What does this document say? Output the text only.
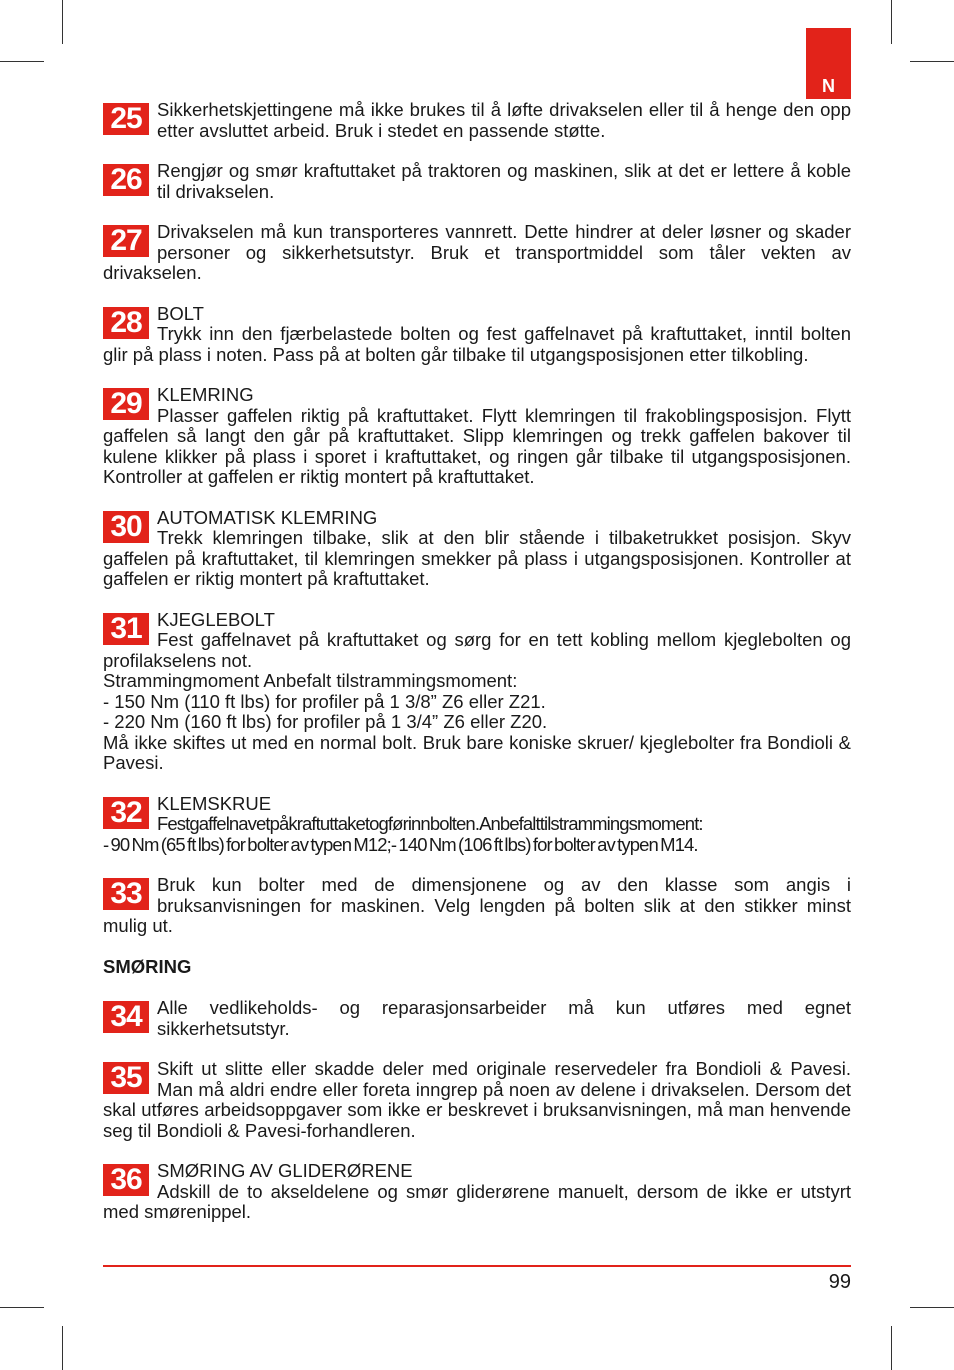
N
25 Sikkerhetskjettingene må ikke brukes til å løfte drivakselen eller til å henge den opp etter avsluttet arbeid. Bruk i stedet en passende støtte.
26 Rengjør og smør kraftuttaket på traktoren og maskinen, slik at det er lettere å koble til drivakselen.
27 Drivakselen må kun transporteres vannrett. Dette hindrer at deler løsner og skader personer og sikkerhetsutstyr. Bruk et transportmiddel som tåler vekten av drivakselen.
28 BOLT
Trykk inn den fjærbelastede bolten og fest gaffelnavet på kraftuttaket, inntil bolten glir på plass i noten. Pass på at bolten går tilbake til utgangsposisjonen etter tilkobling.
29 KLEMRING
Plasser gaffelen riktig på kraftuttaket. Flytt klemringen til frakoblingsposisjon. Flytt gaffelen så langt den går på kraftuttaket. Slipp klemringen og trekk gaffelen bakover til kulene klikker på plass i sporet i kraftuttaket, og ringen går tilbake til utgangsposisjonen. Kontroller at gaffelen er riktig montert på kraftuttaket.
30 AUTOMATISK KLEMRING
Trekk klemringen tilbake, slik at den blir stående i tilbaketrukket posisjon. Skyv gaffelen på kraftuttaket, til klemringen smekker på plass i utgangsposisjonen. Kontroller at gaffelen er riktig montert på kraftuttaket.
31 KJEGLEBOLT
Fest gaffelnavet på kraftuttaket og sørg for en tett kobling mellom kjeglebolten og profilakselens not.
Strammingmoment Anbefalt tilstrammingsmoment:
- 150 Nm (110 ft lbs) for profiler på 1 3/8” Z6 eller Z21.
- 220 Nm (160 ft lbs) for profiler på 1 3/4” Z6 eller Z20.
Må ikke skiftes ut med en normal bolt. Bruk bare koniske skruer/ kjeglebolter fra Bondioli & Pavesi.
32 KLEMSKRUE
Festgaffelnavetpåkraftuttaketogførinnbolten.Anbefalttilstrammingsmoment:
- 90 Nm (65 ft lbs) for bolter av typen M12;- 140 Nm (106 ft lbs) for bolter av typen M14.
33 Bruk kun bolter med de dimensjonene og av den klasse som angis i bruksanvisningen for maskinen. Velg lengden på bolten slik at den stikker minst mulig ut.
SMØRING
34 Alle vedlikeholds- og reparasjonsarbeider må kun utføres med egnet sikkerhetsutstyr.
35 Skift ut slitte eller skadde deler med originale reservedeler fra Bondioli & Pavesi. Man må aldri endre eller foreta inngrep på noen av delene i drivakselen. Dersom det skal utføres arbeidsoppgaver som ikke er beskrevet i bruksanvisningen, må man henvende seg til Bondioli & Pavesi-forhandleren.
36 SMØRING AV GLIDERØRENE
Adskill de to akseldelene og smør gliderørene manuelt, dersom de ikke er utstyrt med smørenippel.
99
